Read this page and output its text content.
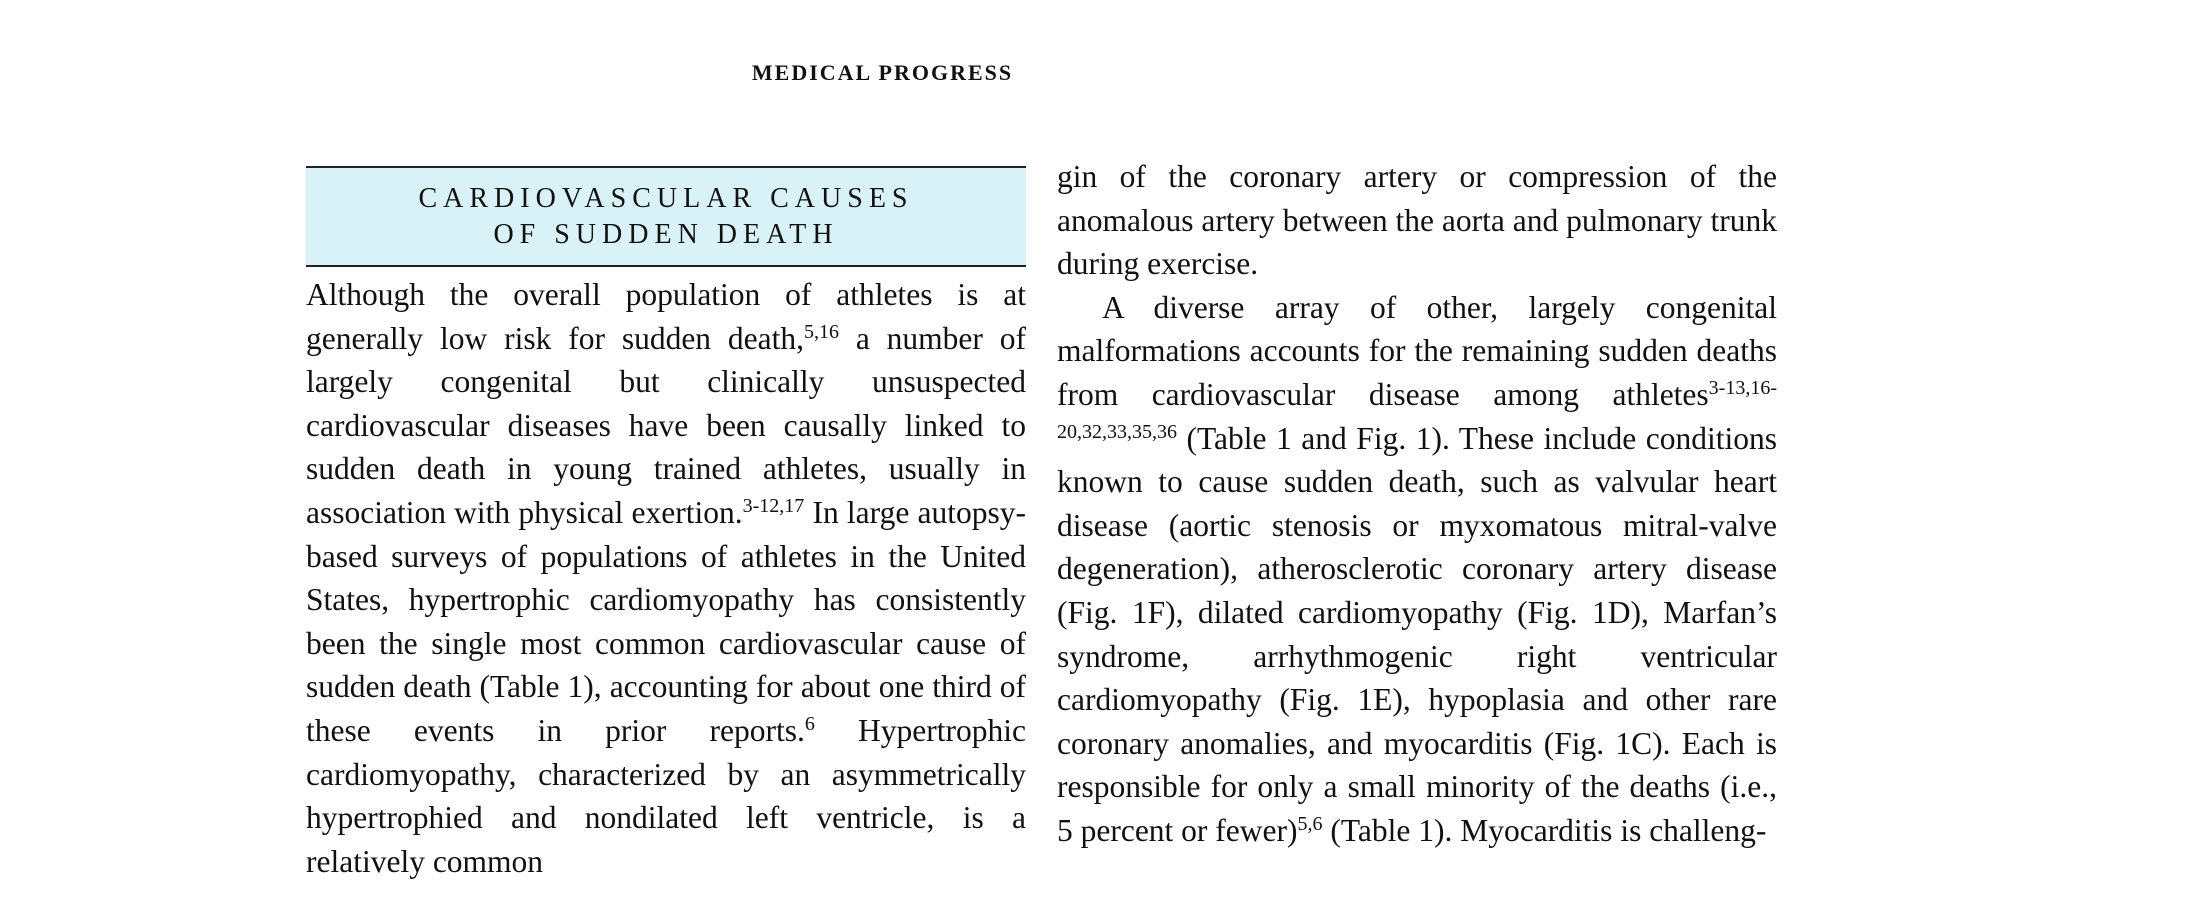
MEDICAL PROGRESS
CARDIOVASCULAR CAUSES
OF SUDDEN DEATH

Although the overall population of athletes is at generally low risk for sudden death,$^{5,16}$ a number of largely congenital but clinically unsuspected cardiovascular diseases have been causally linked to sudden death in young trained athletes, usually in association with physical exertion.$^{3-12,17}$ In large autopsy-based surveys of populations of athletes in the United States, hypertrophic cardiomyopathy has consistently been the single most common cardiovascular cause of sudden death (Table 1), accounting for about one third of these events in prior reports.$^6$ Hypertrophic cardiomyopathy, characterized by an asymmetrically hypertrophied and nondilated left ventricle, is a relatively common

gin of the coronary artery or compression of the anomalous artery between the aorta and pulmonary trunk during exercise.

A diverse array of other, largely congenital malformations accounts for the remaining sudden deaths from cardiovascular disease among athletes$^{3-13,16-20,32,33,35,36}$ (Table 1 and Fig. 1). These include conditions known to cause sudden death, such as valvular heart disease (aortic stenosis or myxomatous mitral-valve degeneration), atherosclerotic coronary artery disease (Fig. 1F), dilated cardiomyopathy (Fig. 1D), Marfan’s syndrome, arrhythmogenic right ventricular cardiomyopathy (Fig. 1E), hypoplasia and other rare coronary anomalies, and myocarditis (Fig. 1C). Each is responsible for only a small minority of the deaths (i.e., 5 percent or fewer)$^{5,6}$ (Table 1). Myocarditis is challeng-
